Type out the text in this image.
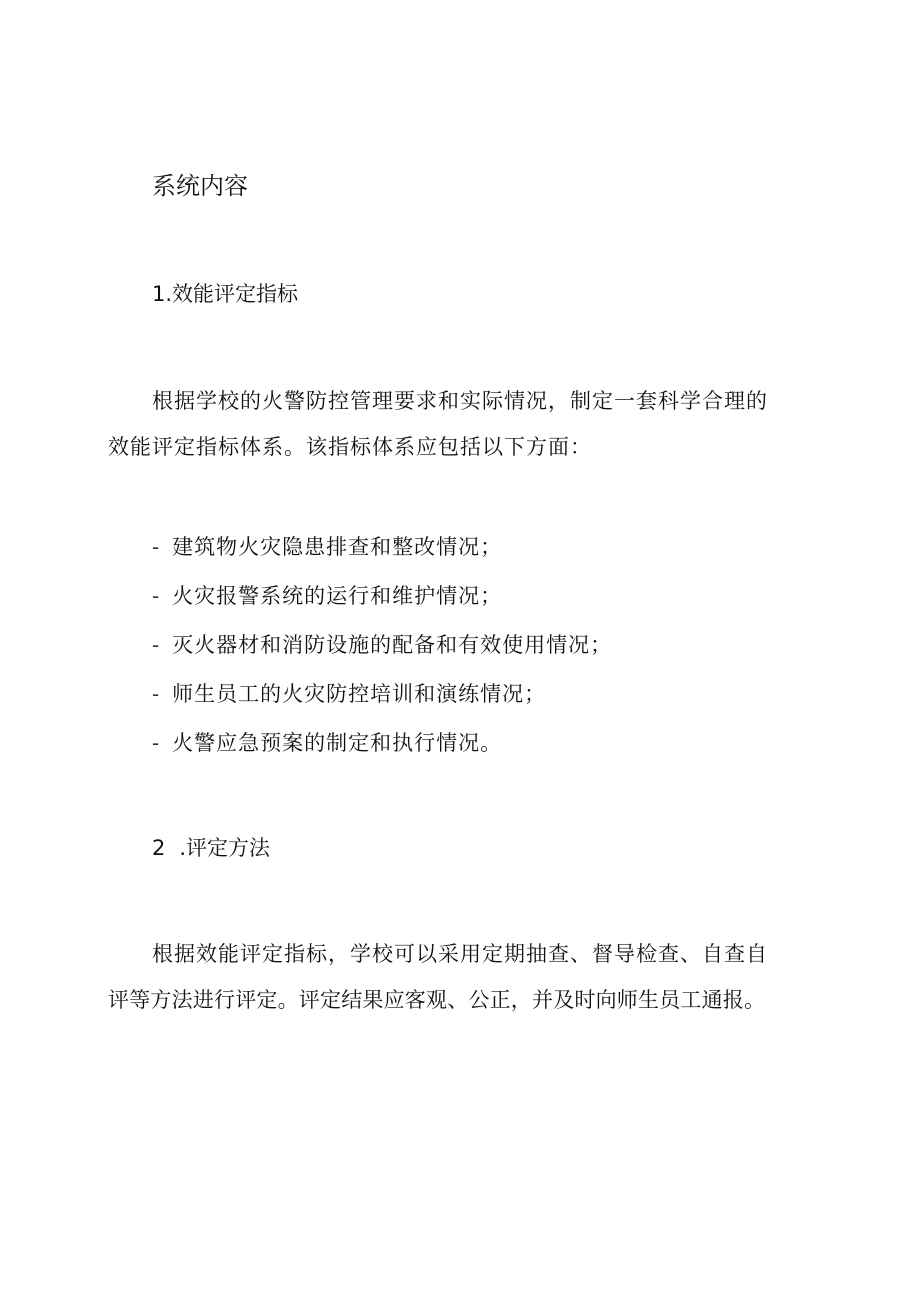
系统内容
1.效能评定指标

根据学校的火警防控管理要求和实际情况，制定一套科学合理的
效能评定指标体系。该指标体系应包括以下方面：

- 建筑物火灾隐患排查和整改情况；
- 火灾报警系统的运行和维护情况；
- 灭火器材和消防设施的配备和有效使用情况；
- 师生员工的火灾防控培训和演练情况；
- 火警应急预案的制定和执行情况。
2 .评定方法

根据效能评定指标，学校可以采用定期抽查、督导检查、自查自
评等方法进行评定。评定结果应客观、公正，并及时向师生员工通报。
